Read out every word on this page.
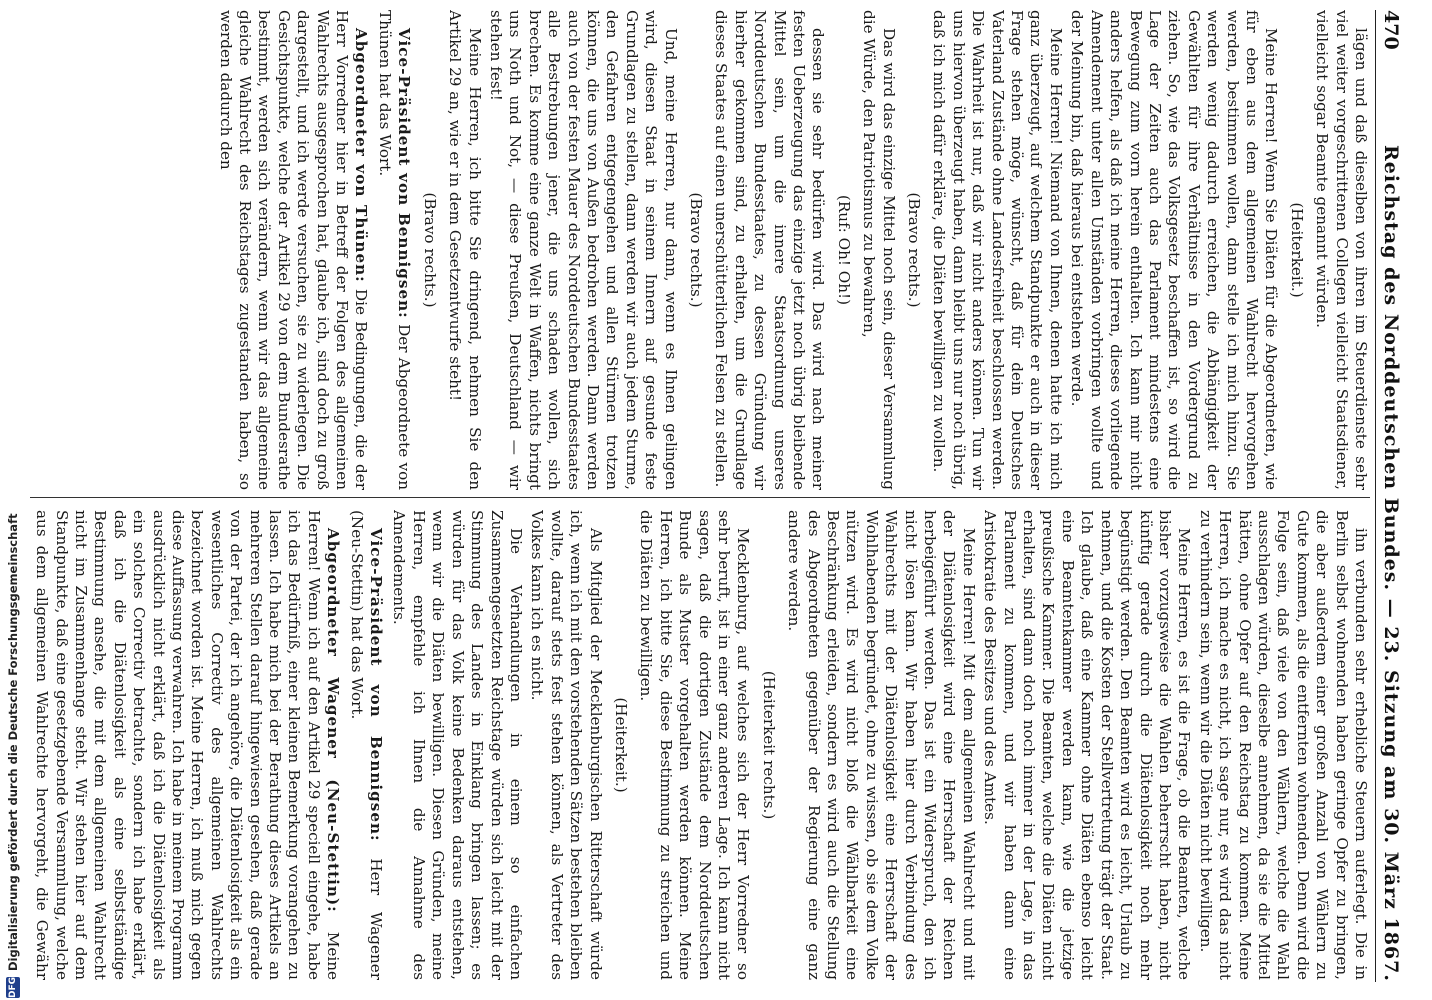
470
Reichstag des Norddeutschen Bundes. — 23. Sitzung am 30. März 1867.

lägen und daß dieselben von ihren im Steuerdienste sehr viel weiter vorgeschrittenen Collegen vielleicht Staatsdiener, vielleicht sogar Beamte genannt würden.

(Heiterkeit.)

Meine Herren! Wenn Sie Diäten für die Abgeordneten, wie für eben aus dem allgemeinen Wahlrecht hervorgehen werden, bestimmen wollen, dann stelle ich mich hinzu. Sie werden wenig dadurch erreichen, die Abhängigkeit der Gewählten für ihre Verhältnisse in den Vordergrund zu ziehen. So, wie das Volksgesetz beschaffen ist, so wird die Lage der Zeiten auch das Parlament mindestens eine Bewegung zum vorn herein enthalten. Ich kann mir nicht anders helfen, als daß ich meine Herren, dieses vorliegende Amendement unter allen Umständen vorbringen wollte und der Meinung bin, daß hieraus bei entstehen werde.

Meine Herren! Niemand von Ihnen, denen hatte ich mich ganz überzeugt, auf welchem Standpunkte er auch in dieser Frage stehen möge, wünscht, daß für dein Deutsches Vaterland Zustände ohne Landesfreiheit beschlossen werden. Die Wahrheit ist nur, daß wir nicht anders können. Tun wir uns hiervon überzeugt haben, dann bleibt uns nur noch übrig, daß ich mich dafür erkläre, die Diäten bewilligen zu wollen.

(Bravo rechts.)

Das wird das einzige Mittel noch sein, dieser Versammlung die Würde, den Patriotismus zu bewahren,

(Ruf: Oh! Oh!)

dessen sie sehr bedürfen wird. Das wird nach meiner festen Ueberzeugung das einzige jetzt noch übrig bleibende Mittel sein, um die innere Staatsordnung unseres Norddeutschen Bundesstaates, zu dessen Gründung wir hierher gekommen sind, zu erhalten, um die Grundlage dieses Staates auf einen unerschütterlichen Felsen zu stellen.

(Bravo rechts.)

Und, meine Herren, nur dann, wenn es Ihnen gelingen wird, diesen Staat in seinem Innern auf gesunde feste Grundlagen zu stellen, dann werden wir auch jedem Sturme, den Gefahren entgegengehen und allen Stürmen trotzen können, die uns von Außen bedrohen werden. Dann werden auch von der festen Mauer des Norddeutschen Bundesstaates alle Bestrebungen jener, die uns schaden wollen, sich brechen. Es komme eine ganze Welt in Waffen, nichts bringt uns Noth und Not, — diese Preußen, Deutschland — wir stehen fest!

Meine Herren, ich bitte Sie dringend, nehmen Sie den Artikel 29 an, wie er in dem Gesetzentwurfe steht!

(Bravo rechts.)

Vice-Präsident von Bennigsen: Der Abgeordnete von Thünen hat das Wort.

Abgeordneter von Thünen: Die Bedingungen, die der Herr Vorredner hier in Betreff der Folgen des allgemeinen Wahlrechts ausgesprochen hat, glaube ich, sind doch zu groß dargestellt, und ich werde versuchen, sie zu widerlegen. Die Gesichtspunkte, welche der Artikel 29 von dem Bundesrathe bestimmt, werden sich verändern, wenn wir das allgemeine gleiche Wahlrecht des Reichstages zugestanden haben, so werden dadurch den

ihn verbunden sehr erhebliche Steuern auferlegt. Die in Berlin selbst wohnenden haben geringe Opfer zu bringen, die aber außerdem einer großen Anzahl von Wählern zu Gute kommen, als die entfernten wohnenden. Denn wird die Folge sein, daß viele von den Wählern, welche die Wahl ausschlagen würden, dieselbe annehmen, da sie die Mittel hätten, ohne Opfer auf den Reichstag zu kommen. Meine Herren, ich mache es nicht, ich sage nur, es wird das nicht zu verhindern sein, wenn wir die Diäten nicht bewilligen.

Meine Herren, es ist die Frage, ob die Beamten, welche bisher vorzugsweise die Wahlen beherrscht haben, nicht künftig gerade durch die Diätenlosigkeit noch mehr begünstigt werden. Den Beamten wird es leicht, Urlaub zu nehmen, und die Kosten der Stellvertretung trägt der Staat. Ich glaube, daß eine Kammer ohne Diäten ebenso leicht eine Beamtenkammer werden kann, wie die jetzige preußische Kammer. Die Beamten, welche die Diäten nicht erhalten, sind dann doch noch immer in der Lage, in das Parlament zu kommen, und wir haben dann eine Aristokratie des Besitzes und des Amtes.

Meine Herren! Mit dem allgemeinen Wahlrecht und mit der Diätenlosigkeit wird eine Herrschaft der Reichen herbeigeführt werden. Das ist ein Widerspruch, den ich nicht lösen kann. Wir haben hier durch Verbindung des Wahlrechts mit der Diätenlosigkeit eine Herrschaft der Wohlhabenden begründet, ohne zu wissen, ob sie dem Volke nützen wird. Es wird nicht bloß die Wählbarkeit eine Beschränkung erleiden, sondern es wird auch die Stellung des Abgeordneten gegenüber der Regierung eine ganz andere werden.

(Heiterkeit rechts.)

Mecklenburg, auf welches sich der Herr Vorredner so sehr beruft, ist in einer ganz anderen Lage. Ich kann nicht sagen, daß die dortigen Zustände dem Norddeutschen Bunde als Muster vorgehalten werden können. Meine Herren, ich bitte Sie, diese Bestimmung zu streichen und die Diäten zu bewilligen.

(Heiterkeit.)

Als Mitglied der Mecklenburgischen Ritterschaft würde ich, wenn ich mit den vorstehenden Sätzen bestehen bleiben wollte, darauf stets fest stehen können, als Vertreter des Volkes kann ich es nicht.

Die Verhandlungen in einem so einfachen Zusammengesetzten Reichstage würden sich leicht mit der Stimmung des Landes in Einklang bringen lassen; es würden für das Volk keine Bedenken daraus entstehen, wenn wir die Diäten bewilligen. Diesen Gründen, meine Herren, empfehle ich Ihnen die Annahme des Amendements.

Vice-Präsident von Bennigsen: Herr Wagener (Neu-Stettin) hat das Wort.

Abgeordneter Wagener (Neu-Stettin): Meine Herren! Wenn ich auf den Artikel 29 speciell eingehe, habe ich das Bedürfniß, einer kleinen Bemerkung vorangehen zu lassen. Ich habe mich bei der Berathung dieses Artikels an mehreren Stellen darauf hingewiesen gesehen, daß gerade von der Partei, der ich angehöre, die Diätenlosigkeit als ein wesentliches Correctiv des allgemeinen Wahlrechts bezeichnet worden ist. Meine Herren, ich muß mich gegen diese Auffassung verwahren. Ich habe in meinem Programm ausdrücklich nicht erklärt, daß ich die Diätenlosigkeit als ein solches Correctiv betrachte, sondern ich habe erklärt, daß ich die Diätenlosigkeit als eine selbstständige Bestimmung ansehe, die mit dem allgemeinen Wahlrecht nicht im Zusammenhange steht. Wir stehen hier auf dem Standpunkte, daß eine gesetzgebende Versammlung, welche aus dem allgemeinen Wahlrechte hervorgeht, die Gewähr

DFG
Digitalisierung gefördert durch die Deutsche Forschungsgemeinschaft
